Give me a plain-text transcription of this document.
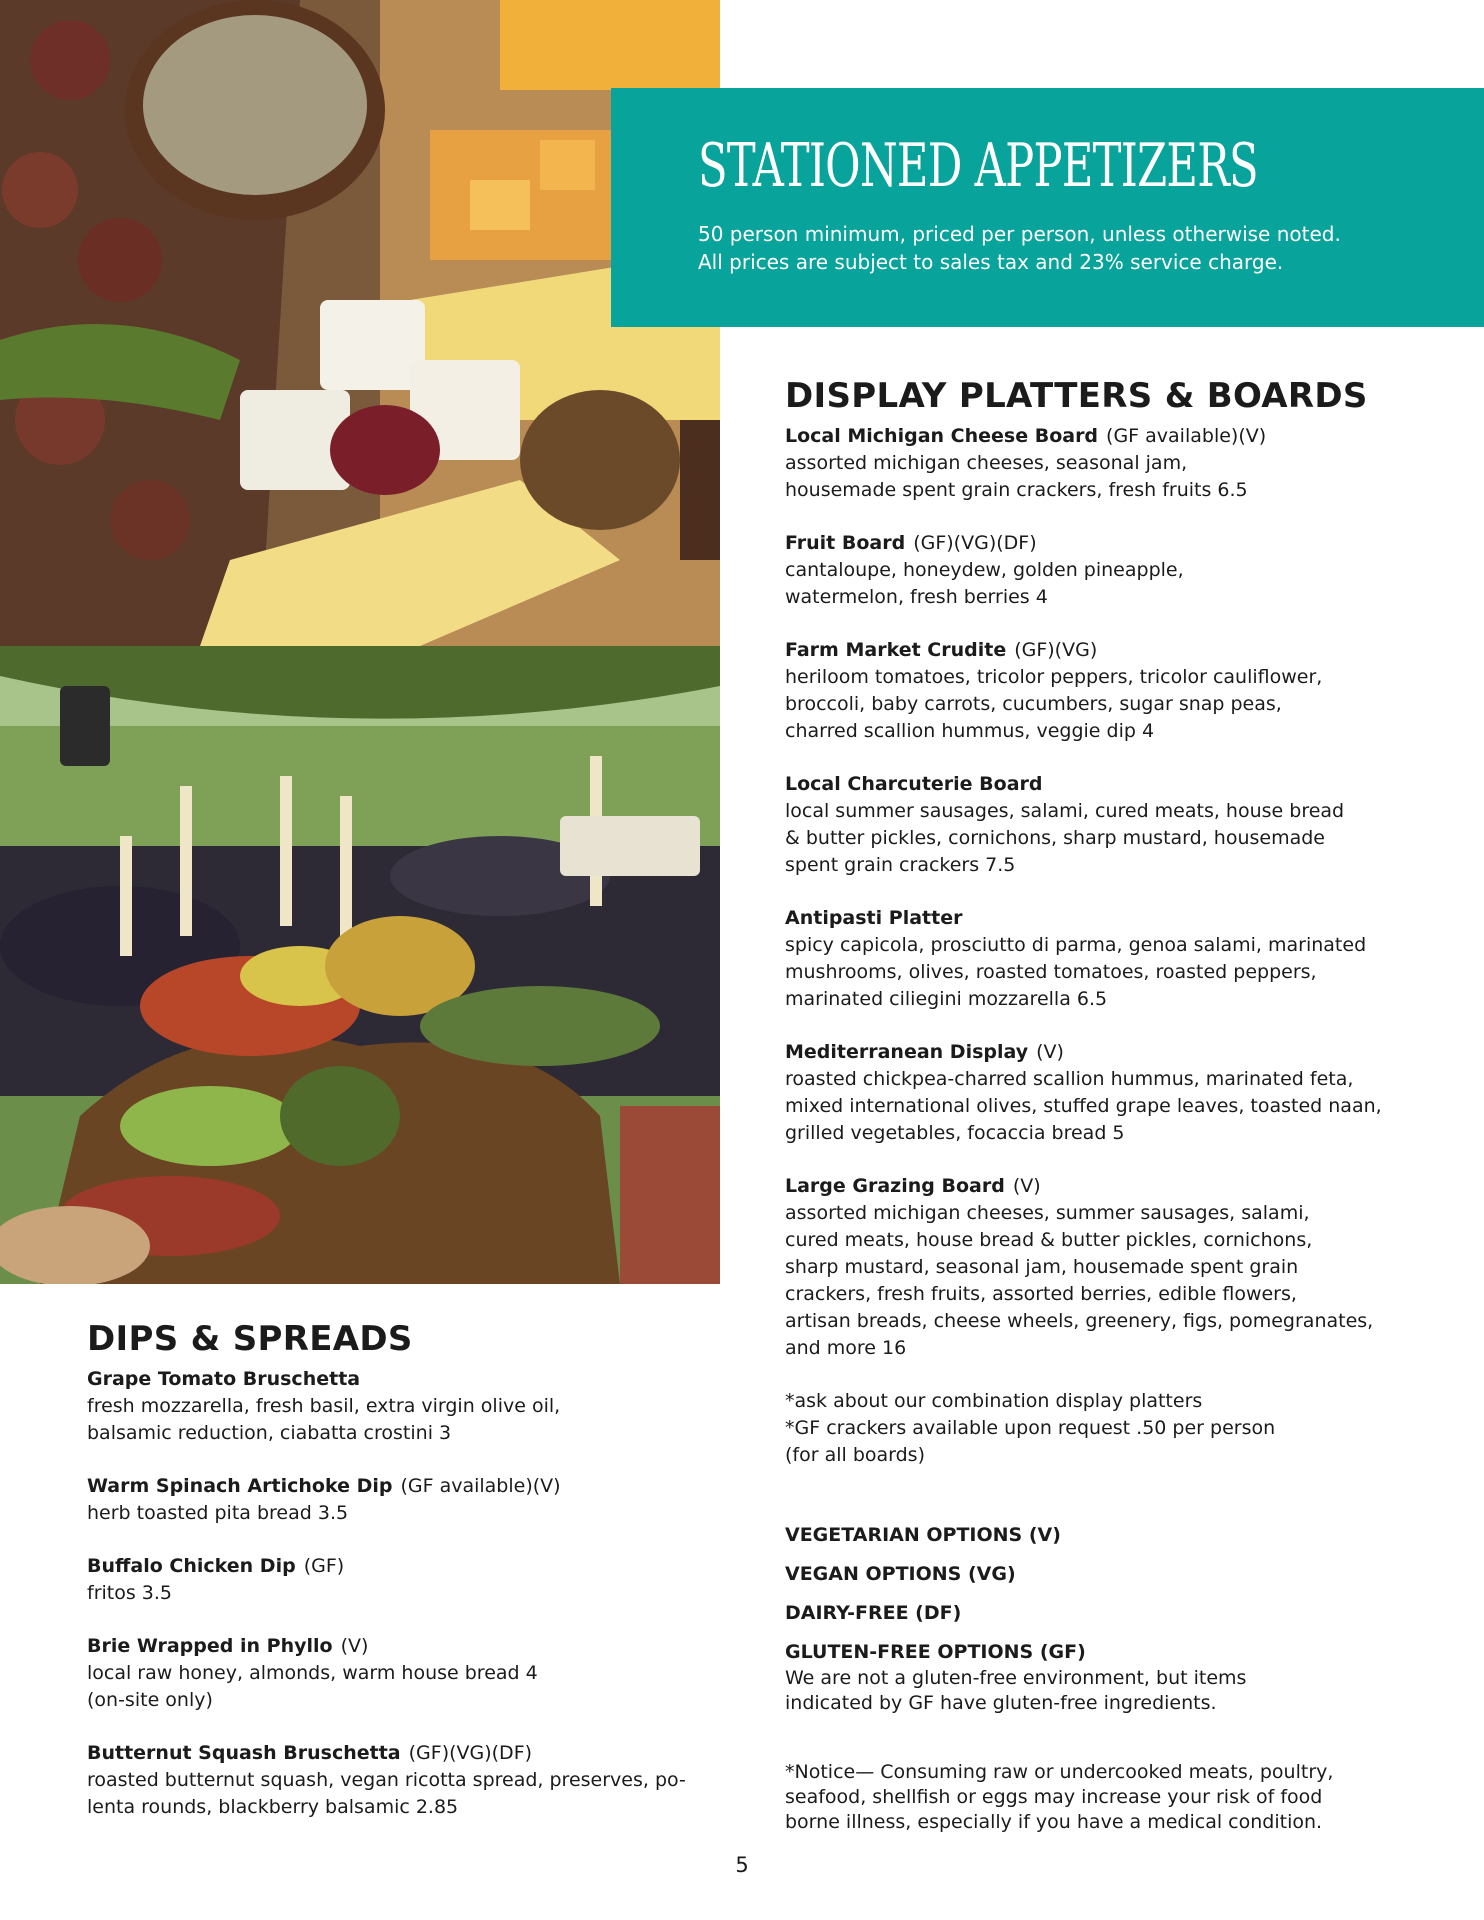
STATIONED APPETIZERS
50 person minimum, priced per person, unless otherwise noted.
All prices are subject to sales tax and 23% service charge.
DISPLAY PLATTERS & BOARDS
Local Michigan Cheese Board (GF available)(V)
assorted michigan cheeses, seasonal jam,
housemade spent grain crackers, fresh fruits 6.5
Fruit Board (GF)(VG)(DF)
cantaloupe, honeydew, golden pineapple,
watermelon, fresh berries 4
Farm Market Crudite (GF)(VG)
heriloom tomatoes, tricolor peppers, tricolor cauliflower,
broccoli, baby carrots, cucumbers, sugar snap peas,
charred scallion hummus, veggie dip 4
Local Charcuterie Board
local summer sausages, salami, cured meats, house bread
& butter pickles, cornichons, sharp mustard, housemade
spent grain crackers 7.5
Antipasti Platter
spicy capicola, prosciutto di parma, genoa salami, marinated
mushrooms, olives, roasted tomatoes, roasted peppers,
marinated ciliegini mozzarella 6.5
Mediterranean Display (V)
roasted chickpea-charred scallion hummus, marinated feta,
mixed international olives, stuffed grape leaves, toasted naan,
grilled vegetables, focaccia bread 5
Large Grazing Board (V)
assorted michigan cheeses, summer sausages, salami,
cured meats, house bread & butter pickles, cornichons,
sharp mustard, seasonal jam, housemade spent grain
crackers, fresh fruits, assorted berries, edible flowers,
artisan breads, cheese wheels, greenery, figs, pomegranates,
and more 16
*ask about our combination display platters
*GF crackers available upon request .50 per person
(for all boards)
DIPS & SPREADS
Grape Tomato Bruschetta
fresh mozzarella, fresh basil, extra virgin olive oil,
balsamic reduction, ciabatta crostini 3
Warm Spinach Artichoke Dip (GF available)(V)
herb toasted pita bread 3.5
Buffalo Chicken Dip (GF)
fritos 3.5
Brie Wrapped in Phyllo (V)
local raw honey, almonds, warm house bread 4
(on-site only)
Butternut Squash Bruschetta (GF)(VG)(DF)
roasted butternut squash, vegan ricotta spread, preserves, po-
lenta rounds, blackberry balsamic 2.85
VEGETARIAN OPTIONS (V)
VEGAN OPTIONS (VG)
DAIRY-FREE (DF)
GLUTEN-FREE OPTIONS (GF)
We are not a gluten-free environment, but items
indicated by GF have gluten-free ingredients.
*Notice— Consuming raw or undercooked meats, poultry,
seafood, shellfish or eggs may increase your risk of food
borne illness, especially if you have a medical condition.
5
